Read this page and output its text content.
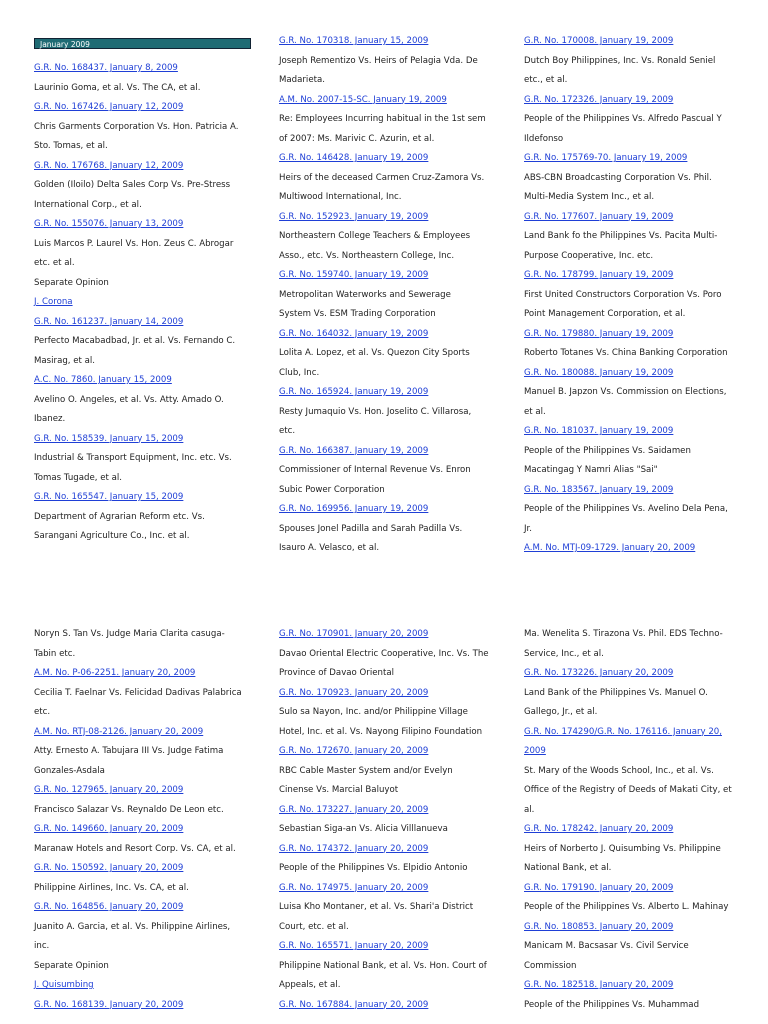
January 2009
G.R. No. 168437. January 8, 2009
Laurinio Goma, et al. Vs. The CA, et al.
G.R. No. 167426. January 12, 2009
Chris Garments Corporation Vs. Hon. Patricia A.
Sto. Tomas, et al.
G.R. No. 176768. January 12, 2009
Golden (Iloilo) Delta Sales Corp Vs. Pre-Stress
International Corp., et al.
G.R. No. 155076. January 13, 2009
Luis Marcos P. Laurel Vs. Hon. Zeus C. Abrogar
etc. et al.
Separate Opinion
J. Corona
G.R. No. 161237. January 14, 2009
Perfecto Macabadbad, Jr. et al. Vs. Fernando C.
Masirag, et al.
A.C. No. 7860. January 15, 2009
Avelino O. Angeles, et al. Vs. Atty. Amado O.
Ibanez.
G.R. No. 158539. January 15, 2009
Industrial & Transport Equipment, Inc. etc. Vs.
Tomas Tugade, et al.
G.R. No. 165547. January 15, 2009
Department of Agrarian Reform etc. Vs.
Sarangani Agriculture Co., Inc. et al.
G.R. No. 170318. January 15, 2009
Joseph Rementizo Vs. Heirs of Pelagia Vda. De
Madarieta.
A.M. No. 2007-15-SC. January 19, 2009
Re: Employees Incurring habitual in the 1st sem
of 2007: Ms. Marivic C. Azurin, et al.
G.R. No. 146428. January 19, 2009
Heirs of the deceased Carmen Cruz-Zamora Vs.
Multiwood International, Inc.
G.R. No. 152923. January 19, 2009
Northeastern College Teachers & Employees
Asso., etc. Vs. Northeastern College, Inc.
G.R. No. 159740. January 19, 2009
Metropolitan Waterworks and Sewerage
System Vs. ESM Trading Corporation
G.R. No. 164032. January 19, 2009
Lolita A. Lopez, et al. Vs. Quezon City Sports
Club, Inc.
G.R. No. 165924. January 19, 2009
Resty Jumaquio Vs. Hon. Joselito C. Villarosa,
etc.
G.R. No. 166387. January 19, 2009
Commissioner of Internal Revenue Vs. Enron
Subic Power Corporation
G.R. No. 169956. January 19, 2009
Spouses Jonel Padilla and Sarah Padilla Vs.
Isauro A. Velasco, et al.
G.R. No. 170008. January 19, 2009
Dutch Boy Philippines, Inc. Vs. Ronald Seniel
etc., et al.
G.R. No. 172326. January 19, 2009
People of the Philippines Vs. Alfredo Pascual Y
Ildefonso
G.R. No. 175769-70. January 19, 2009
ABS-CBN Broadcasting Corporation Vs. Phil.
Multi-Media System Inc., et al.
G.R. No. 177607. January 19, 2009
Land Bank fo the Philippines Vs. Pacita Multi-
Purpose Cooperative, Inc. etc.
G.R. No. 178799. January 19, 2009
First United Constructors Corporation Vs. Poro
Point Management Corporation, et al.
G.R. No. 179880. January 19, 2009
Roberto Totanes Vs. China Banking Corporation
G.R. No. 180088. January 19, 2009
Manuel B. Japzon Vs. Commission on Elections,
et al.
G.R. No. 181037. January 19, 2009
People of the Philippines Vs. Saidamen
Macatingag Y Namri Alias "Sai"
G.R. No. 183567. January 19, 2009
People of the Philippines Vs. Avelino Dela Pena,
Jr.
A.M. No. MTJ-09-1729. January 20, 2009
Noryn S. Tan Vs. Judge Maria Clarita casuga-
Tabin etc.
A.M. No. P-06-2251. January 20, 2009
Cecilia T. Faelnar Vs. Felicidad Dadivas Palabrica
etc.
A.M. No. RTJ-08-2126. January 20, 2009
Atty. Ernesto A. Tabujara III Vs. Judge Fatima
Gonzales-Asdala
G.R. No. 127965. January 20, 2009
Francisco Salazar Vs. Reynaldo De Leon etc.
G.R. No. 149660. January 20, 2009
Maranaw Hotels and Resort Corp. Vs. CA, et al.
G.R. No. 150592. January 20, 2009
Philippine Airlines, Inc. Vs. CA, et al.
G.R. No. 164856. January 20, 2009
Juanito A. Garcia, et al. Vs. Philippine Airlines,
inc.
Separate Opinion
J. Quisumbing
G.R. No. 168139. January 20, 2009
G.R. No. 170901. January 20, 2009
Davao Oriental Electric Cooperative, Inc. Vs. The
Province of Davao Oriental
G.R. No. 170923. January 20, 2009
Sulo sa Nayon, Inc. and/or Philippine Village
Hotel, Inc. et al. Vs. Nayong Filipino Foundation
G.R. No. 172670. January 20, 2009
RBC Cable Master System and/or Evelyn
Cinense Vs. Marcial Baluyot
G.R. No. 173227. January 20, 2009
Sebastian Siga-an Vs. Alicia Villlanueva
G.R. No. 174372. January 20, 2009
People of the Philippines Vs. Elpidio Antonio
G.R. No. 174975. January 20, 2009
Luisa Kho Montaner, et al. Vs. Shari'a District
Court, etc. et al.
G.R. No. 165571. January 20, 2009
Philippine National Bank, et al. Vs. Hon. Court of
Appeals, et al.
G.R. No. 167884. January 20, 2009
Ma. Wenelita S. Tirazona Vs. Phil. EDS Techno-
Service, Inc., et al.
G.R. No. 173226. January 20, 2009
Land Bank of the Philippines Vs. Manuel O.
Gallego, Jr., et al.
G.R. No. 174290/G.R. No. 176116. January 20,
2009
St. Mary of the Woods School, Inc., et al. Vs.
Office of the Registry of Deeds of Makati City, et
al.
G.R. No. 178242. January 20, 2009
Heirs of Norberto J. Quisumbing Vs. Philippine
National Bank, et al.
G.R. No. 179190. January 20, 2009
People of the Philippines Vs. Alberto L. Mahinay
G.R. No. 180853. January 20, 2009
Manicam M. Bacsasar Vs. Civil Service
Commission
G.R. No. 182518. January 20, 2009
People of the Philippines Vs. Muhammad
